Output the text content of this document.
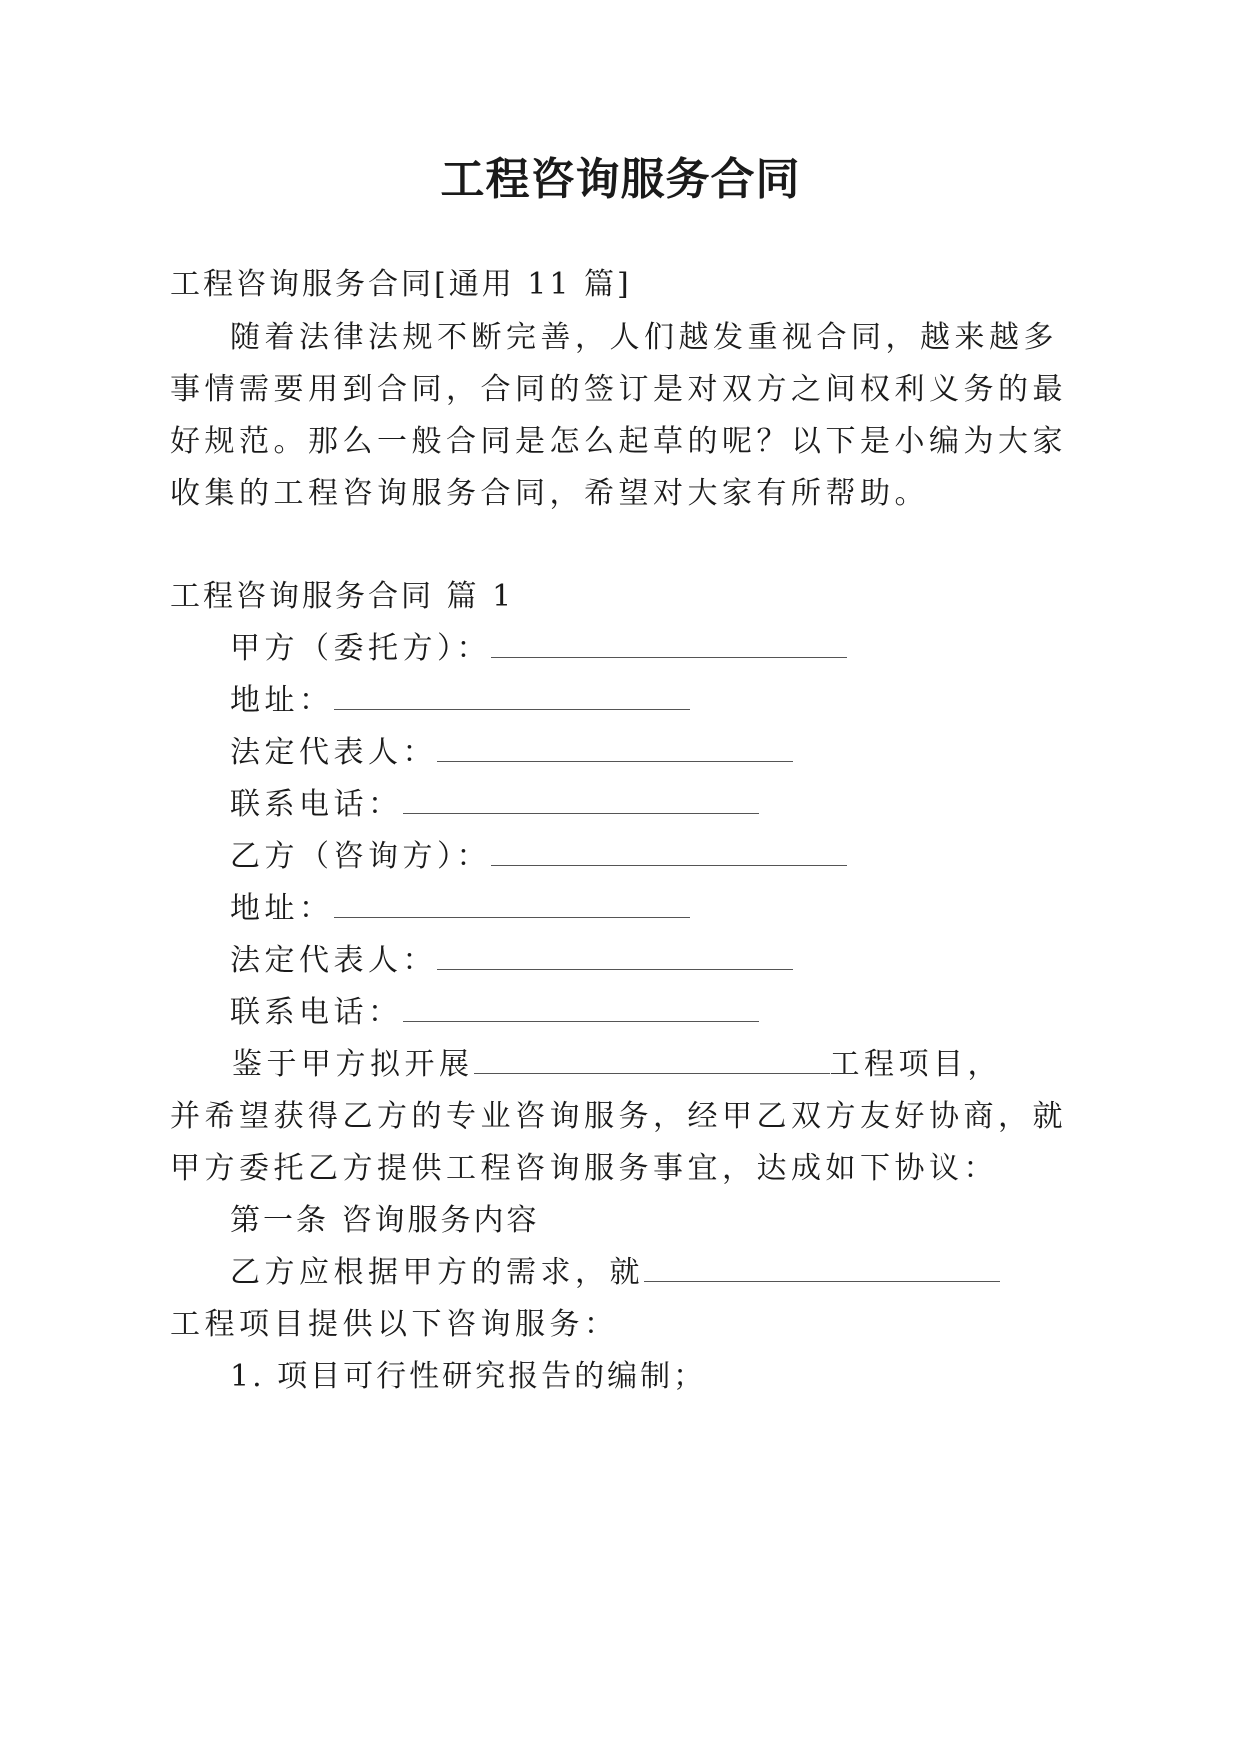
工程咨询服务合同
工程咨询服务合同[通用 11 篇]
随着法律法规不断完善，人们越发重视合同，越来越多
事情需要用到合同，合同的签订是对双方之间权利义务的最
好规范。那么一般合同是怎么起草的呢？以下是小编为大家
收集的工程咨询服务合同，希望对大家有所帮助。
工程咨询服务合同 篇 1
甲方（委托方）：
地址：
法定代表人：
联系电话：
乙方（咨询方）：
地址：
法定代表人：
联系电话：
鉴于甲方拟开展	工程项目，
并希望获得乙方的专业咨询服务，经甲乙双方友好协商，就
甲方委托乙方提供工程咨询服务事宜，达成如下协议：
第一条 咨询服务内容
乙方应根据甲方的需求，就
工程项目提供以下咨询服务：
1. 项目可行性研究报告的编制；
